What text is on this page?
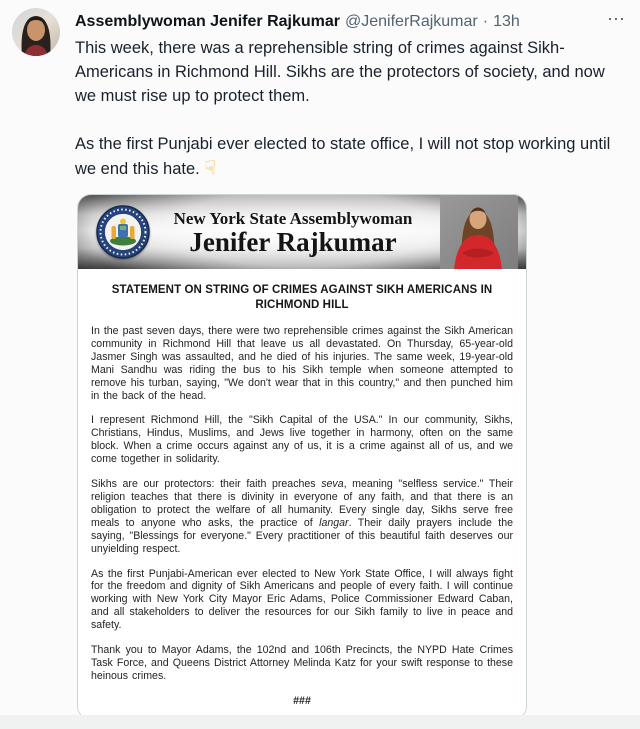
Assemblywoman Jenifer Rajkumar @JeniferRajkumar · 13h	⋯

This week, there was a reprehensible string of crimes against Sikh-Americans in Richmond Hill. Sikhs are the protectors of society, and now we must rise up to protect them.

As the first Punjabi ever elected to state office, I will not stop working until we end this hate. ☟

New York State Assemblywoman
Jenifer Rajkumar
STATEMENT ON STRING OF CRIMES AGAINST SIKH AMERICANS IN RICHMOND HILL

In the past seven days, there were two reprehensible crimes against the Sikh American community in Richmond Hill that leave us all devastated. On Thursday, 65-year-old Jasmer Singh was assaulted, and he died of his injuries. The same week, 19-year-old Mani Sandhu was riding the bus to his Sikh temple when someone attempted to remove his turban, saying, "We don't wear that in this country," and then punched him in the back of the head.

I represent Richmond Hill, the "Sikh Capital of the USA." In our community, Sikhs, Christians, Hindus, Muslims, and Jews live together in harmony, often on the same block. When a crime occurs against any of us, it is a crime against all of us, and we come together in solidarity.

Sikhs are our protectors: their faith preaches seva, meaning "selfless service." Their religion teaches that there is divinity in everyone of any faith, and that there is an obligation to protect the welfare of all humanity. Every single day, Sikhs serve free meals to anyone who asks, the practice of langar. Their daily prayers include the saying, "Blessings for everyone." Every practitioner of this beautiful faith deserves our unyielding respect.

As the first Punjabi-American ever elected to New York State Office, I will always fight for the freedom and dignity of Sikh Americans and people of every faith. I will continue working with New York City Mayor Eric Adams, Police Commissioner Edward Caban, and all stakeholders to deliver the resources for our Sikh family to live in peace and safety.

Thank you to Mayor Adams, the 102nd and 106th Precincts, the NYPD Hate Crimes Task Force, and Queens District Attorney Melinda Katz for your swift response to these heinous crimes.

###
